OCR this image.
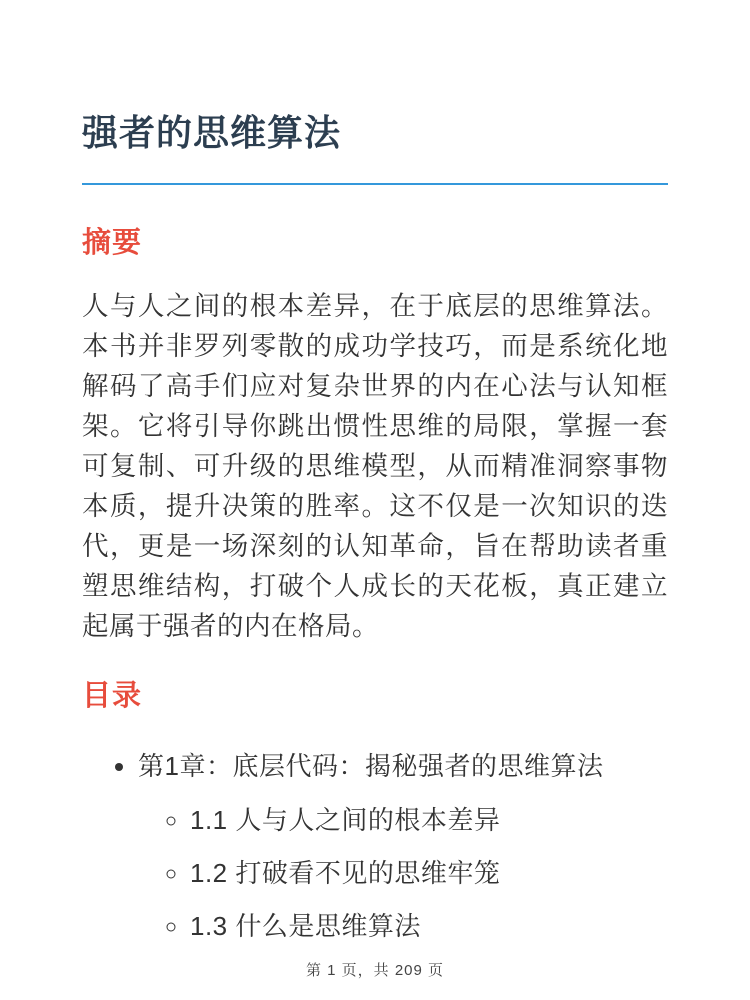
强者的思维算法
摘要

人与人之间的根本差异，在于底层的思维算法。本书并非罗列零散的成功学技巧，而是系统化地解码了高手们应对复杂世界的内在心法与认知框架。它将引导你跳出惯性思维的局限，掌握一套可复制、可升级的思维模型，从而精准洞察事物本质，提升决策的胜率。这不仅是一次知识的迭代，更是一场深刻的认知革命，旨在帮助读者重塑思维结构，打破个人成长的天花板，真正建立起属于强者的内在格局。

目录
• 第1章：底层代码：揭秘强者的思维算法
◦ 1.1 人与人之间的根本差异
◦ 1.2 打破看不见的思维牢笼
◦ 1.3 什么是思维算法
第 1 页，共 209 页
